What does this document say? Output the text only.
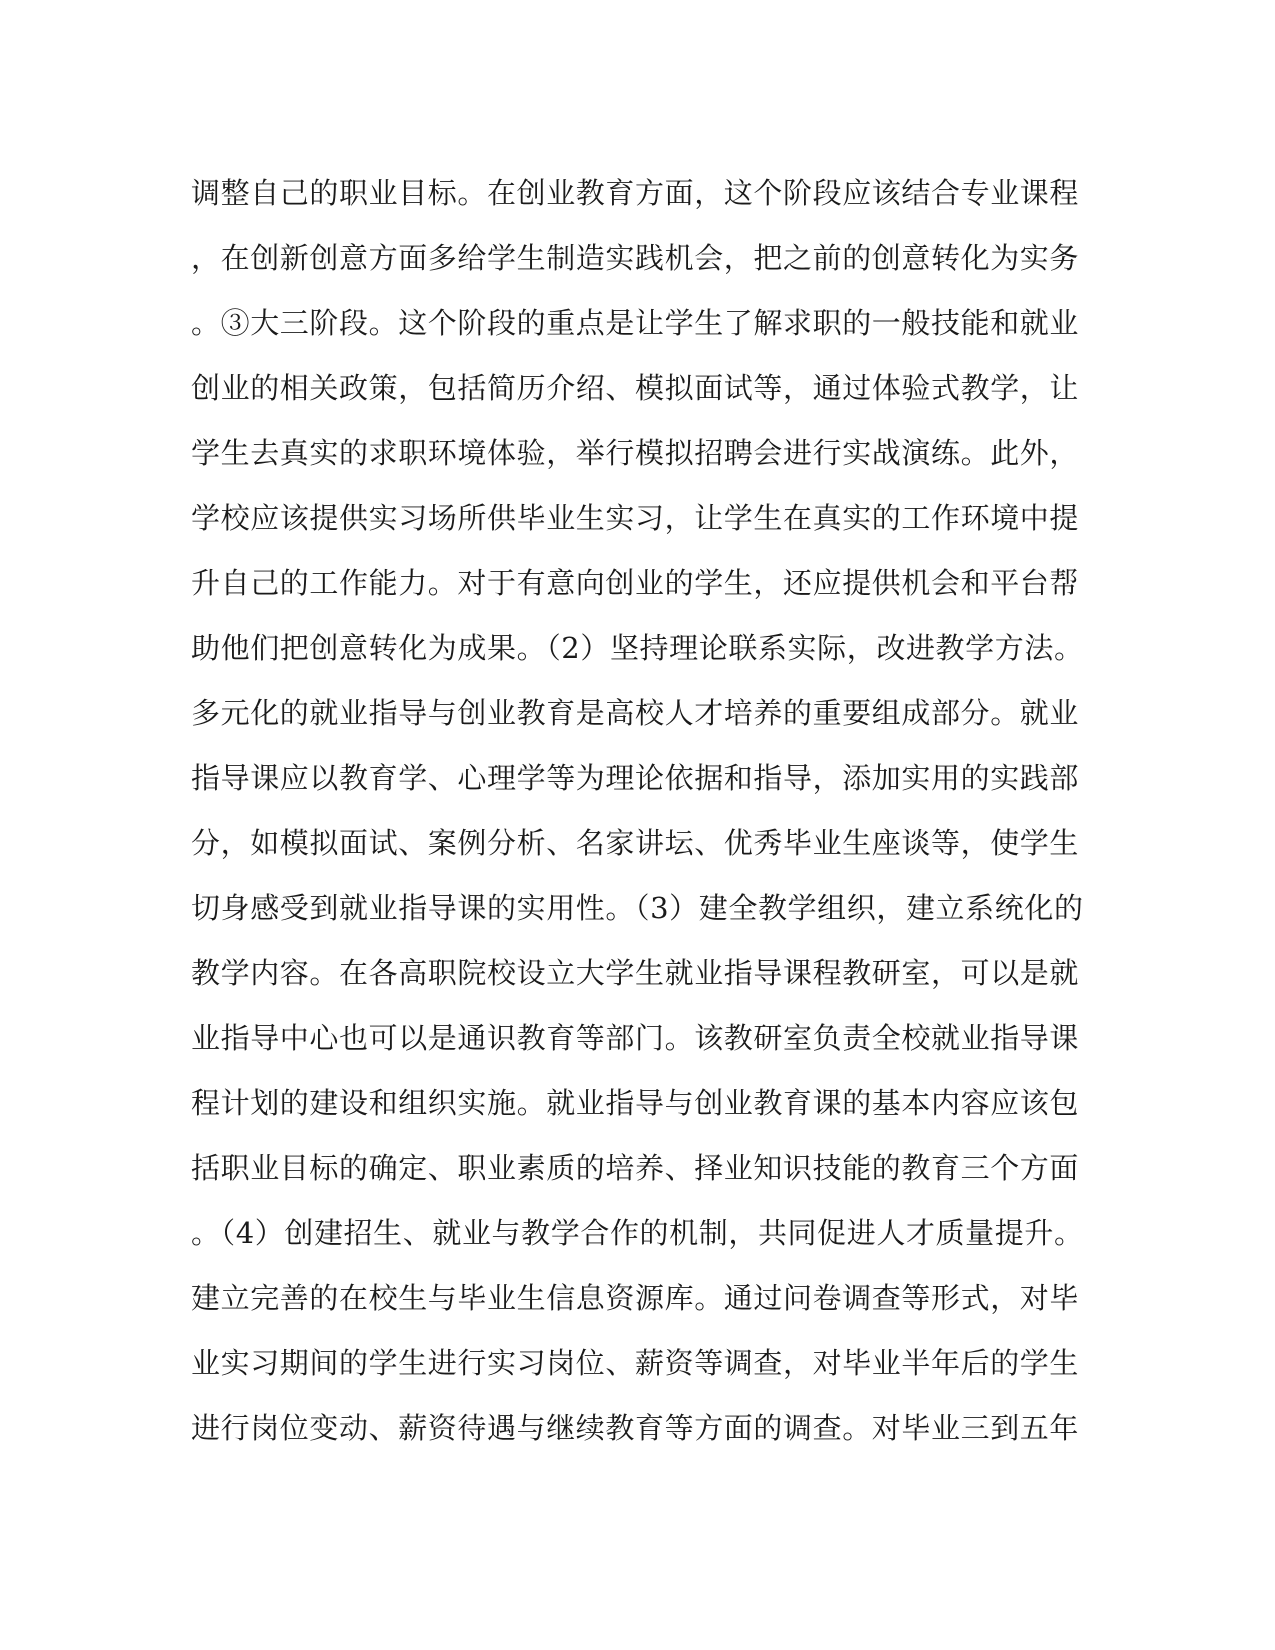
调整自己的职业目标。在创业教育方面，这个阶段应该结合专业课程
，在创新创意方面多给学生制造实践机会，把之前的创意转化为实务
。③大三阶段。这个阶段的重点是让学生了解求职的一般技能和就业
创业的相关政策，包括简历介绍、模拟面试等，通过体验式教学，让
学生去真实的求职环境体验，举行模拟招聘会进行实战演练。此外，
学校应该提供实习场所供毕业生实习，让学生在真实的工作环境中提
升自己的工作能力。对于有意向创业的学生，还应提供机会和平台帮
助他们把创意转化为成果。（2）坚持理论联系实际，改进教学方法。
多元化的就业指导与创业教育是高校人才培养的重要组成部分。就业
指导课应以教育学、心理学等为理论依据和指导，添加实用的实践部
分，如模拟面试、案例分析、名家讲坛、优秀毕业生座谈等，使学生
切身感受到就业指导课的实用性。（3）建全教学组织，建立系统化的
教学内容。在各高职院校设立大学生就业指导课程教研室，可以是就
业指导中心也可以是通识教育等部门。该教研室负责全校就业指导课
程计划的建设和组织实施。就业指导与创业教育课的基本内容应该包
括职业目标的确定、职业素质的培养、择业知识技能的教育三个方面
。（4）创建招生、就业与教学合作的机制，共同促进人才质量提升。
建立完善的在校生与毕业生信息资源库。通过问卷调查等形式，对毕
业实习期间的学生进行实习岗位、薪资等调查，对毕业半年后的学生
进行岗位变动、薪资待遇与继续教育等方面的调查。对毕业三到五年
